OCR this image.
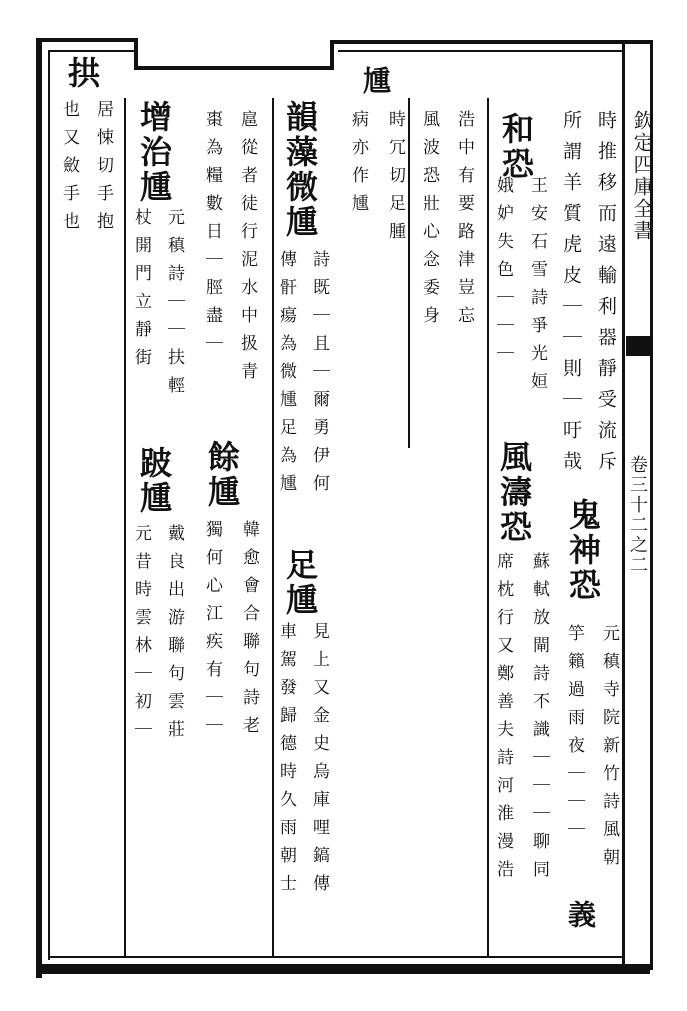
欽定四庫全書
卷三十二之二
時推移而遠輸利器靜受流斥
所謂羊質虎皮｜｜則｜吁哉
鬼神恐
元稹寺院新竹詩風朝
竽籟過雨夜｜｜｜
義
和恐
王安石雪詩爭光姮
娥妒失色｜｜｜
風濤恐
蘇軾放閘詩不識｜｜｜聊同
席枕行又鄭善夫詩河淮漫浩
浩中有要路津豈忘
風波恐壯心念委身
尰
時冗切足腫
病亦作尰
韻藻微尰
詩既｜且｜爾勇伊何
傳骭瘍為微尰足為尰
足尰
見上又金史烏庫哩鎬傳
車駕發歸德時久雨朝士
扈從者徒行泥水中扱青
棗為糧數日｜脛盡｜
餘尰
韓愈會合聯句詩老
獨何心江疾有｜｜
增治尰
元稹詩｜｜扶輕
杖開門立靜街
跛尰
戴良出游聯句雲莊
元昔時雲林｜初｜
拱
居悚切手抱
也又斂手也
